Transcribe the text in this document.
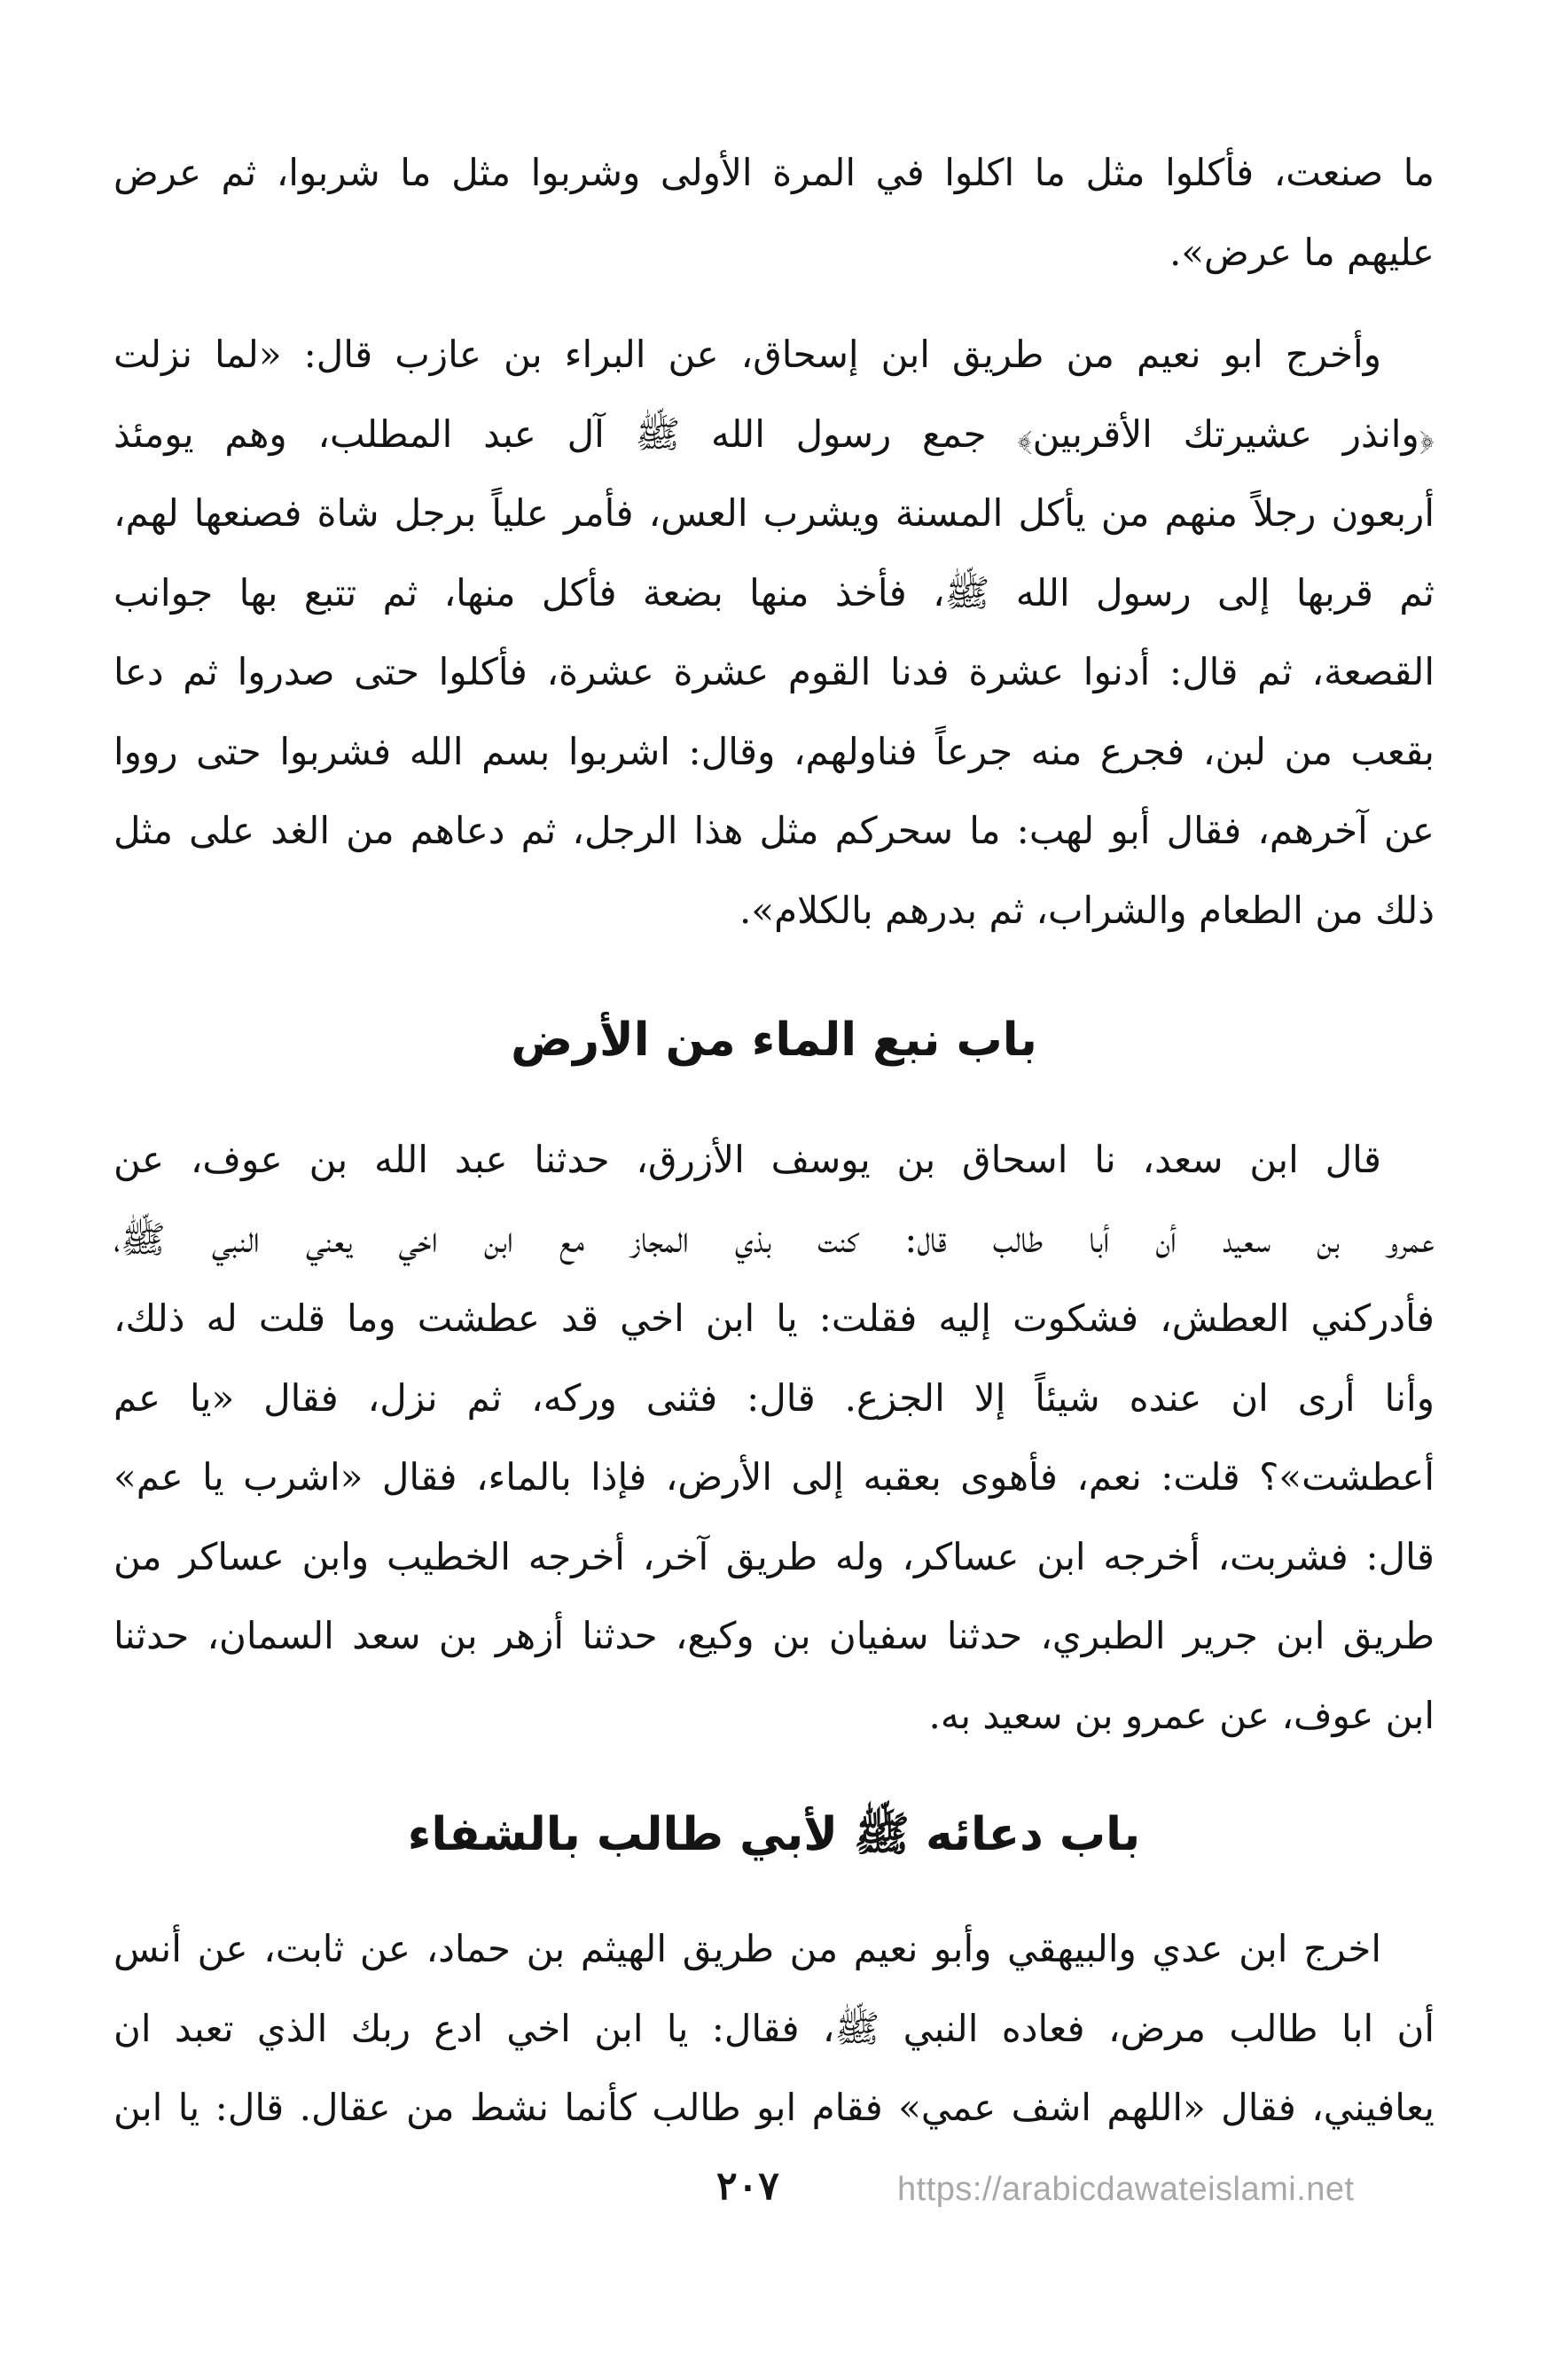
ما صنعت، فأكلوا مثل ما اكلوا في المرة الأولى وشربوا مثل ما شربوا، ثم عرض
عليهم ما عرض».

وأخرج ابو نعيم من طريق ابن إسحاق، عن البراء بن عازب قال: «لما نزلت
﴿وانذر عشيرتك الأقربين﴾ جمع رسول الله ﷺ آل عبد المطلب، وهم يومئذ
أربعون رجلاً منهم من يأكل المسنة ويشرب العس، فأمر علياً برجل شاة فصنعها لهم،
ثم قربها إلى رسول الله ﷺ، فأخذ منها بضعة فأكل منها، ثم تتبع بها جوانب
القصعة، ثم قال: أدنوا عشرة فدنا القوم عشرة عشرة، فأكلوا حتى صدروا ثم دعا
بقعب من لبن، فجرع منه جرعاً فناولهم، وقال: اشربوا بسم الله فشربوا حتى رووا
عن آخرهم، فقال أبو لهب: ما سحركم مثل هذا الرجل، ثم دعاهم من الغد على مثل
ذلك من الطعام والشراب، ثم بدرهم بالكلام».

باب نبع الماء من الأرض

قال ابن سعد، نا اسحاق بن يوسف الأزرق، حدثنا عبد الله بن عوف، عن
عمرو بن سعيد أن أبا طالب قال: كنت بذي المجاز مع ابن اخي يعني النبي ﷺ،
فأدركني العطش، فشكوت إليه فقلت: يا ابن اخي قد عطشت وما قلت له ذلك،
وأنا أرى ان عنده شيئاً إلا الجزع. قال: فثنى وركه، ثم نزل، فقال «يا عم
أعطشت»؟ قلت: نعم، فأهوى بعقبه إلى الأرض، فإذا بالماء، فقال «اشرب يا عم»
قال: فشربت، أخرجه ابن عساكر، وله طريق آخر، أخرجه الخطيب وابن عساكر من
طريق ابن جرير الطبري، حدثنا سفيان بن وكيع، حدثنا أزهر بن سعد السمان، حدثنا
ابن عوف، عن عمرو بن سعيد به.

باب دعائه ﷺ لأبي طالب بالشفاء

اخرج ابن عدي والبيهقي وأبو نعيم من طريق الهيثم بن حماد، عن ثابت، عن أنس
أن ابا طالب مرض، فعاده النبي ﷺ، فقال: يا ابن اخي ادع ربك الذي تعبد ان
يعافيني، فقال «اللهم اشف عمي» فقام ابو طالب كأنما نشط من عقال. قال: يا ابن

٢٠٧	https://arabicdawateislami.net
